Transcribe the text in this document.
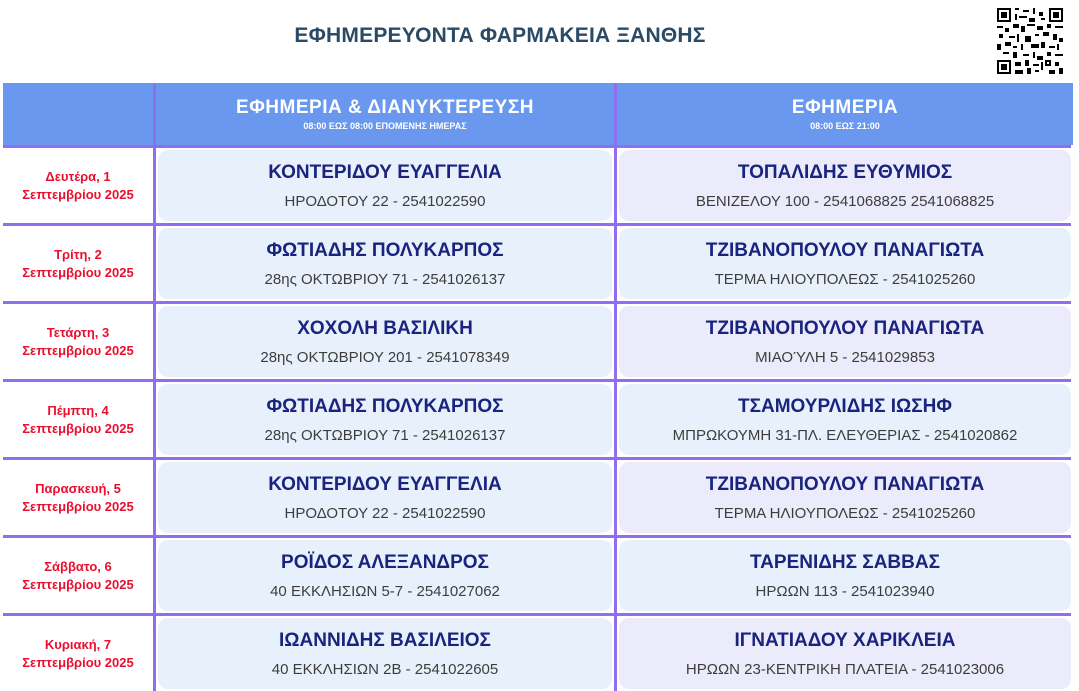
ΕΦΗΜΕΡΕΥΟΝΤΑ ΦΑΡΜΑΚΕΙΑ ΞΑΝΘΗΣ
ΕΦΗΜΕΡΙΑ & ΔΙΑΝΥΚΤΕΡΕΥΣΗ
08:00 ΕΩΣ 08:00 ΕΠΟΜΕΝΗΣ ΗΜΕΡΑΣ
ΕΦΗΜΕΡΙΑ
08:00 ΕΩΣ 21:00
Δευτέρα, 1
Σεπτεμβρίου 2025
ΚΟΝΤΕΡΙΔΟΥ ΕΥΑΓΓΕΛΙΑ
ΗΡΟΔΟΤΟΥ 22 - 2541022590
ΤΟΠΑΛΙΔΗΣ ΕΥΘΥΜΙΟΣ
ΒΕΝΙΖΕΛΟΥ 100 - 2541068825 2541068825
Τρίτη, 2
Σεπτεμβρίου 2025
ΦΩΤΙΑΔΗΣ ΠΟΛΥΚΑΡΠΟΣ
28ης ΟΚΤΩΒΡΙΟΥ 71 - 2541026137
ΤΖΙΒΑΝΟΠΟΥΛΟΥ ΠΑΝΑΓΙΩΤΑ
ΤΕΡΜΑ ΗΛΙΟΥΠΟΛΕΩΣ - 2541025260
Τετάρτη, 3
Σεπτεμβρίου 2025
ΧΟΧΟΛΗ ΒΑΣΙΛΙΚΗ
28ης ΟΚΤΩΒΡΙΟΥ 201 - 2541078349
ΤΖΙΒΑΝΟΠΟΥΛΟΥ ΠΑΝΑΓΙΩΤΑ
ΜΙΑΟΎΛΗ 5 - 2541029853
Πέμπτη, 4
Σεπτεμβρίου 2025
ΦΩΤΙΑΔΗΣ ΠΟΛΥΚΑΡΠΟΣ
28ης ΟΚΤΩΒΡΙΟΥ 71 - 2541026137
ΤΣΑΜΟΥΡΛΙΔΗΣ ΙΩΣΗΦ
ΜΠΡΩΚΟΥΜΗ 31-ΠΛ. ΕΛΕΥΘΕΡΙΑΣ - 2541020862
Παρασκευή, 5
Σεπτεμβρίου 2025
ΚΟΝΤΕΡΙΔΟΥ ΕΥΑΓΓΕΛΙΑ
ΗΡΟΔΟΤΟΥ 22 - 2541022590
ΤΖΙΒΑΝΟΠΟΥΛΟΥ ΠΑΝΑΓΙΩΤΑ
ΤΕΡΜΑ ΗΛΙΟΥΠΟΛΕΩΣ - 2541025260
Σάββατο, 6
Σεπτεμβρίου 2025
ΡΟΪΔΟΣ ΑΛΕΞΑΝΔΡΟΣ
40 ΕΚΚΛΗΣΙΩΝ 5-7 - 2541027062
ΤΑΡΕΝΙΔΗΣ ΣΑΒΒΑΣ
ΗΡΩΩΝ 113 - 2541023940
Κυριακή, 7
Σεπτεμβρίου 2025
ΙΩΑΝΝΙΔΗΣ ΒΑΣΙΛΕΙΟΣ
40 ΕΚΚΛΗΣΙΩΝ 2Β - 2541022605
ΙΓΝΑΤΙΑΔΟΥ ΧΑΡΙΚΛΕΙΑ
ΗΡΩΩΝ 23-ΚΕΝΤΡΙΚΗ ΠΛΑΤΕΙΑ - 2541023006
